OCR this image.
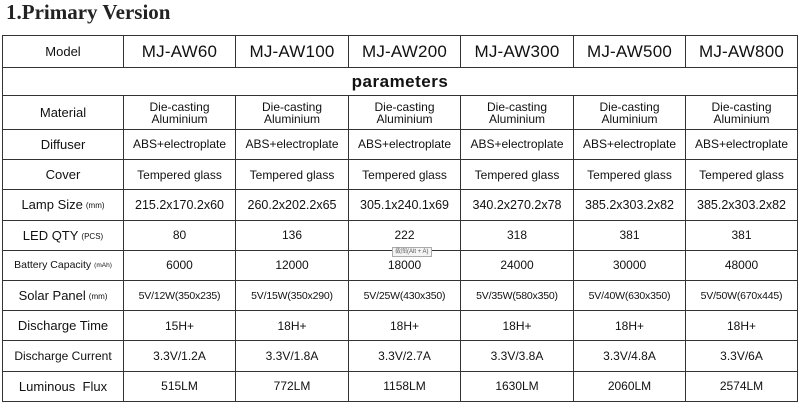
1.Primary Version
Model	MJ-AW60	MJ-AW100	MJ-AW200	MJ-AW300	MJ-AW500	MJ-AW800
parameters						
Material	Die-casting Aluminium	Die-casting Aluminium	Die-casting Aluminium	Die-casting Aluminium	Die-casting Aluminium	Die-casting Aluminium
Diffuser	ABS+electroplate	ABS+electroplate	ABS+electroplate	ABS+electroplate	ABS+electroplate	ABS+electroplate
Cover	Tempered glass	Tempered glass	Tempered glass	Tempered glass	Tempered glass	Tempered glass
Lamp Size (mm)	215.2x170.2x60	260.2x202.2x65	305.1x240.1x69	340.2x270.2x78	385.2x303.2x82	385.2x303.2x82
LED QTY (PCS)	80	136	222	318	381	381
Battery Capacity (mAh)	6000	12000	18000	24000	30000	48000
Solar Panel (mm)	5V/12W(350x235)	5V/15W(350x290)	5V/25W(430x350)	5V/35W(580x350)	5V/40W(630x350)	5V/50W(670x445)
Discharge Time	15H+	18H+	18H+	18H+	18H+	18H+
Discharge Current	3.3V/1.2A	3.3V/1.8A	3.3V/2.7A	3.3V/3.8A	3.3V/4.8A	3.3V/6A
Luminous  Flux	515LM	772LM	1158LM	1630LM	2060LM	2574LM
截图(Alt + A)
